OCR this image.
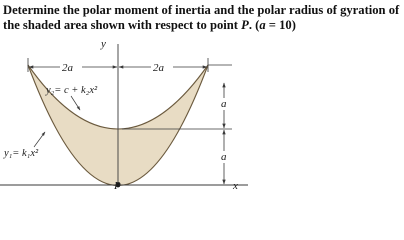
Determine the polar moment of inertia and the polar radius of gyration of the shaded area shown with respect to point P. (a = 10)

2a	2a
a
a
y₂= c + k₂x²
y₁= k₁x²
P
y
x
